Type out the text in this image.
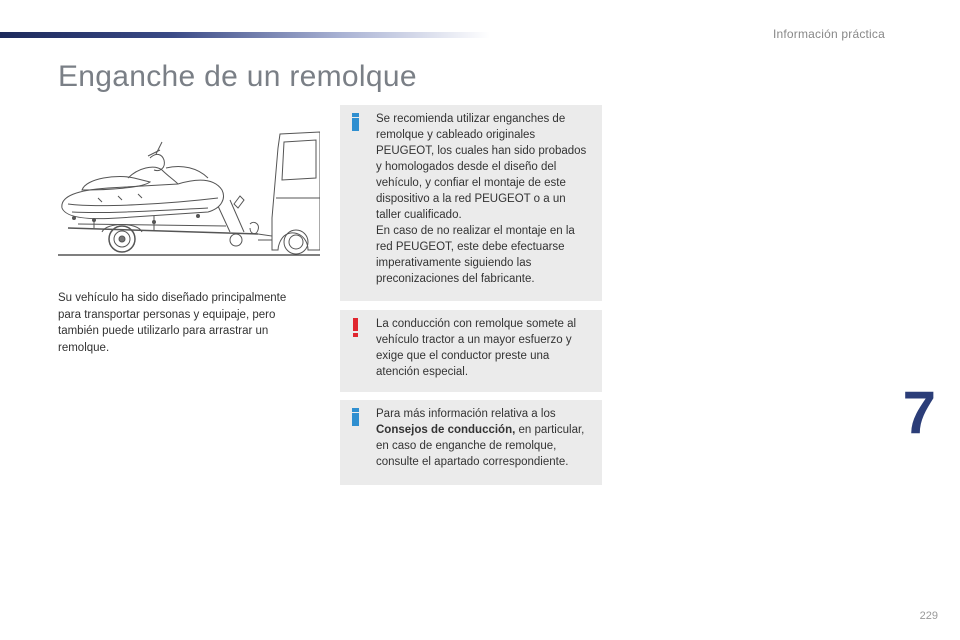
Información práctica
Enganche de un remolque

Su vehículo ha sido diseñado principalmente para transportar personas y equipaje, pero también puede utilizarlo para arrastrar un remolque.

Se recomienda utilizar enganches de remolque y cableado originales PEUGEOT, los cuales han sido probados y homologados desde el diseño del vehículo, y confiar el montaje de este dispositivo a la red PEUGEOT o a un taller cualificado.

En caso de no realizar el montaje en la red PEUGEOT, este debe efectuarse imperativamente siguiendo las preconizaciones del fabricante.

La conducción con remolque somete al vehículo tractor a un mayor esfuerzo y exige que el conductor preste una atención especial.

Para más información relativa a los Consejos de conducción, en particular, en caso de enganche de remolque, consulte el apartado correspondiente.

7
229
